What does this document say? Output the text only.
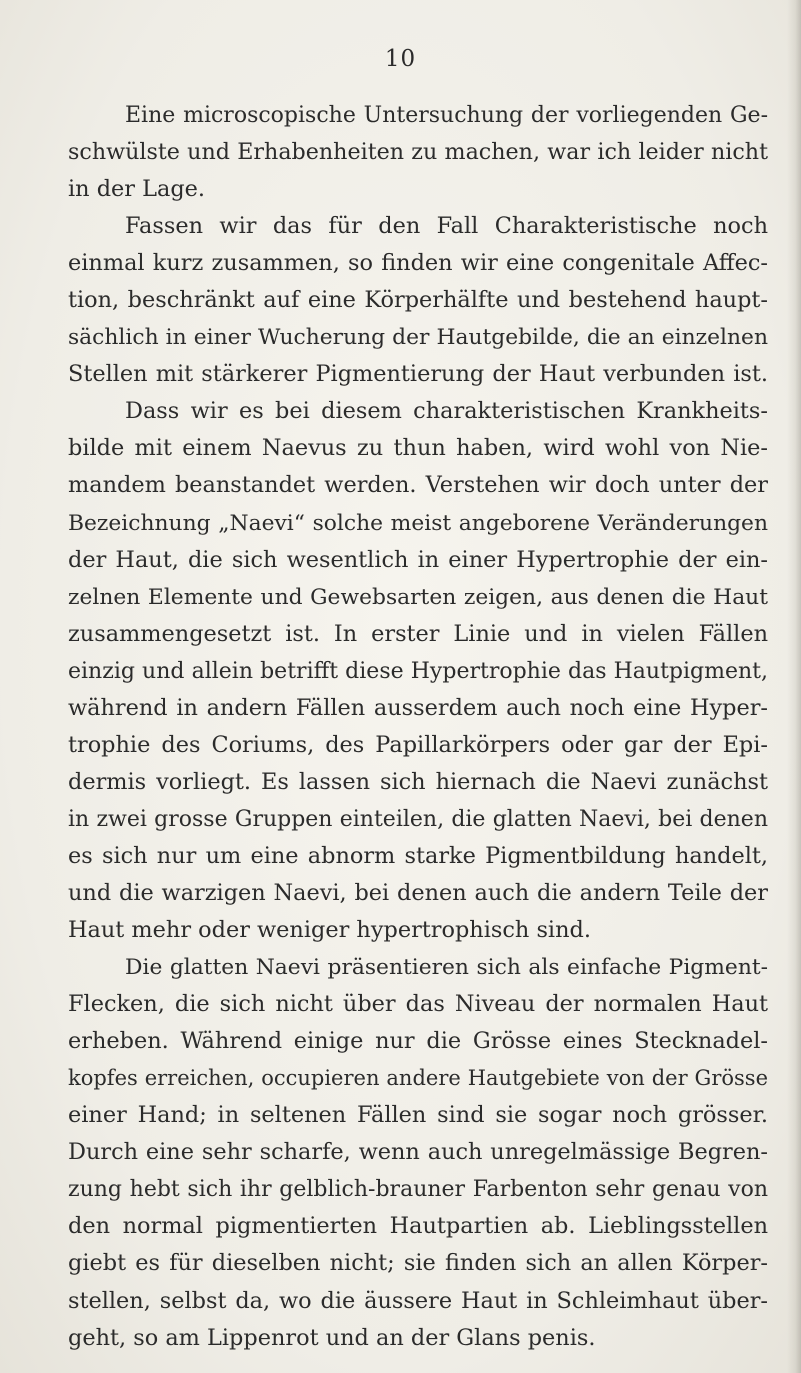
10
Eine microscopische Untersuchung der vorliegenden Ge-
schwülste und Erhabenheiten zu machen, war ich leider nicht
in der Lage.
Fassen wir das für den Fall Charakteristische noch
einmal kurz zusammen, so finden wir eine congenitale Affec-
tion, beschränkt auf eine Körperhälfte und bestehend haupt-
sächlich in einer Wucherung der Hautgebilde, die an einzelnen
Stellen mit stärkerer Pigmentierung der Haut verbunden ist.
Dass wir es bei diesem charakteristischen Krankheits-
bilde mit einem Naevus zu thun haben, wird wohl von Nie-
mandem beanstandet werden. Verstehen wir doch unter der
Bezeichnung „Naevi“ solche meist angeborene Veränderungen
der Haut, die sich wesentlich in einer Hypertrophie der ein-
zelnen Elemente und Gewebsarten zeigen, aus denen die Haut
zusammengesetzt ist. In erster Linie und in vielen Fällen
einzig und allein betrifft diese Hypertrophie das Hautpigment,
während in andern Fällen ausserdem auch noch eine Hyper-
trophie des Coriums, des Papillarkörpers oder gar der Epi-
dermis vorliegt. Es lassen sich hiernach die Naevi zunächst
in zwei grosse Gruppen einteilen, die glatten Naevi, bei denen
es sich nur um eine abnorm starke Pigmentbildung handelt,
und die warzigen Naevi, bei denen auch die andern Teile der
Haut mehr oder weniger hypertrophisch sind.
Die glatten Naevi präsentieren sich als einfache Pigment-
Flecken, die sich nicht über das Niveau der normalen Haut
erheben. Während einige nur die Grösse eines Stecknadel-
kopfes erreichen, occupieren andere Hautgebiete von der Grösse
einer Hand; in seltenen Fällen sind sie sogar noch grösser.
Durch eine sehr scharfe, wenn auch unregelmässige Begren-
zung hebt sich ihr gelblich-brauner Farbenton sehr genau von
den normal pigmentierten Hautpartien ab. Lieblingsstellen
giebt es für dieselben nicht; sie finden sich an allen Körper-
stellen, selbst da, wo die äussere Haut in Schleimhaut über-
geht, so am Lippenrot und an der Glans penis.
